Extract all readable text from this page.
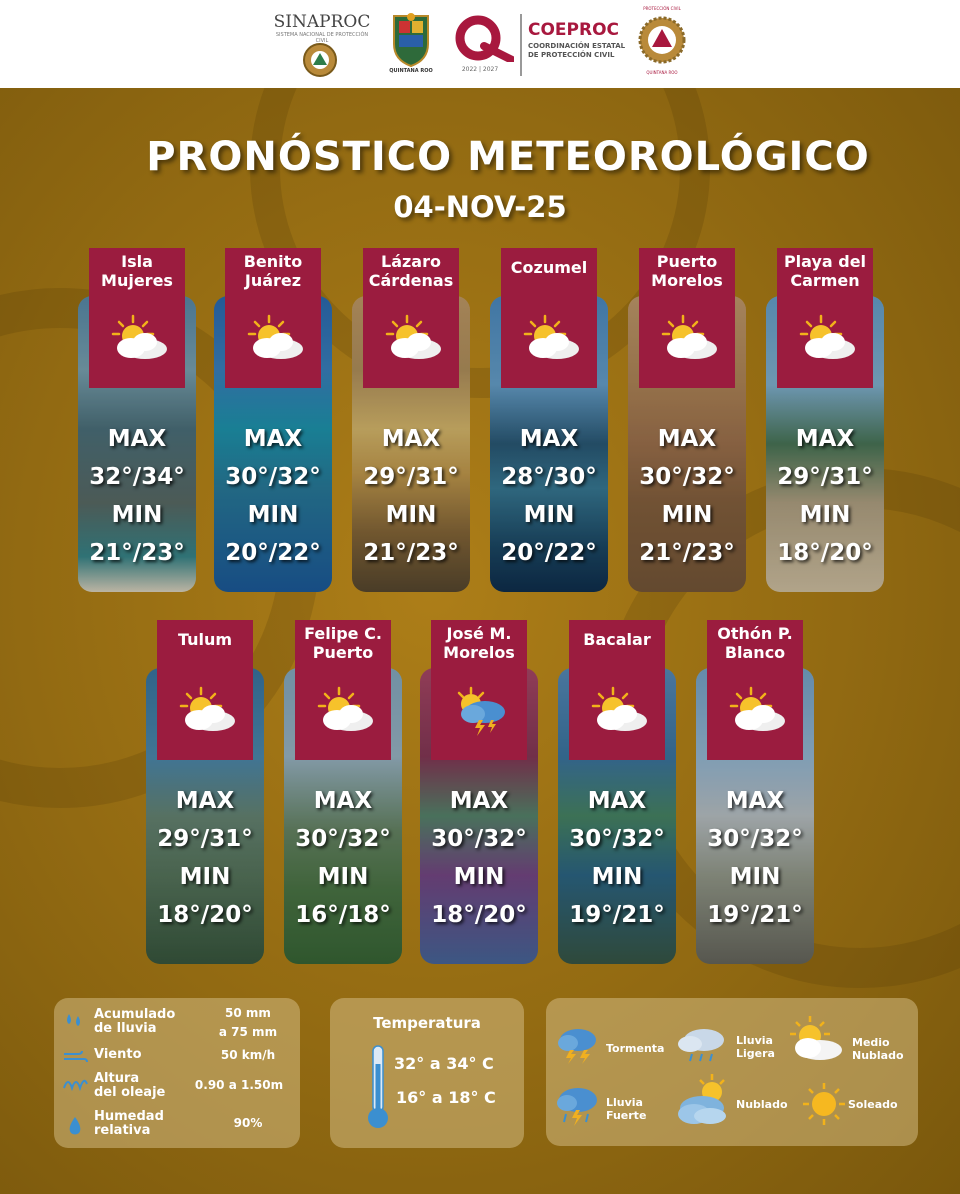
SINAPROC
SISTEMA NACIONAL DE PROTECCIÓN CIVIL
QUINTANA ROO	2022 | 2027
COEPROC
COORDINACIÓN ESTATAL DE PROTECCIÓN CIVIL
PROTECCIÓN CIVIL
QUINTANA ROO
PRONÓSTICO METEOROLÓGICO
04-NOV-25
MAX
32°/34°
MIN
21°/23°
Isla
Mujeres
MAX
30°/32°
MIN
20°/22°
Benito
Juárez
MAX
29°/31°
MIN
21°/23°
Lázaro
Cárdenas
MAX
28°/30°
MIN
20°/22°
Cozumel
MAX
30°/32°
MIN
21°/23°
Puerto
Morelos
MAX
29°/31°
MIN
18°/20°
Playa del
Carmen
MAX
29°/31°
MIN
18°/20°
Tulum
MAX
30°/32°
MIN
16°/18°
Felipe C.
Puerto
MAX
30°/32°
MIN
18°/20°
José M.
Morelos
MAX
30°/32°
MIN
19°/21°
Bacalar
MAX
30°/32°
MIN
19°/21°
Othón P.
Blanco
Acumulado
de lluvia
50 mm
a 75 mm
Viento	50 km/h
Altura
del oleaje	0.90 a 1.50m
Humedad
relativa	90%
Temperatura
32° a 34° C
16° a 18° C
Tormenta
Lluvia
Ligera
Medio
Nublado
Lluvia
Fuerte
Nublado	Soleado
